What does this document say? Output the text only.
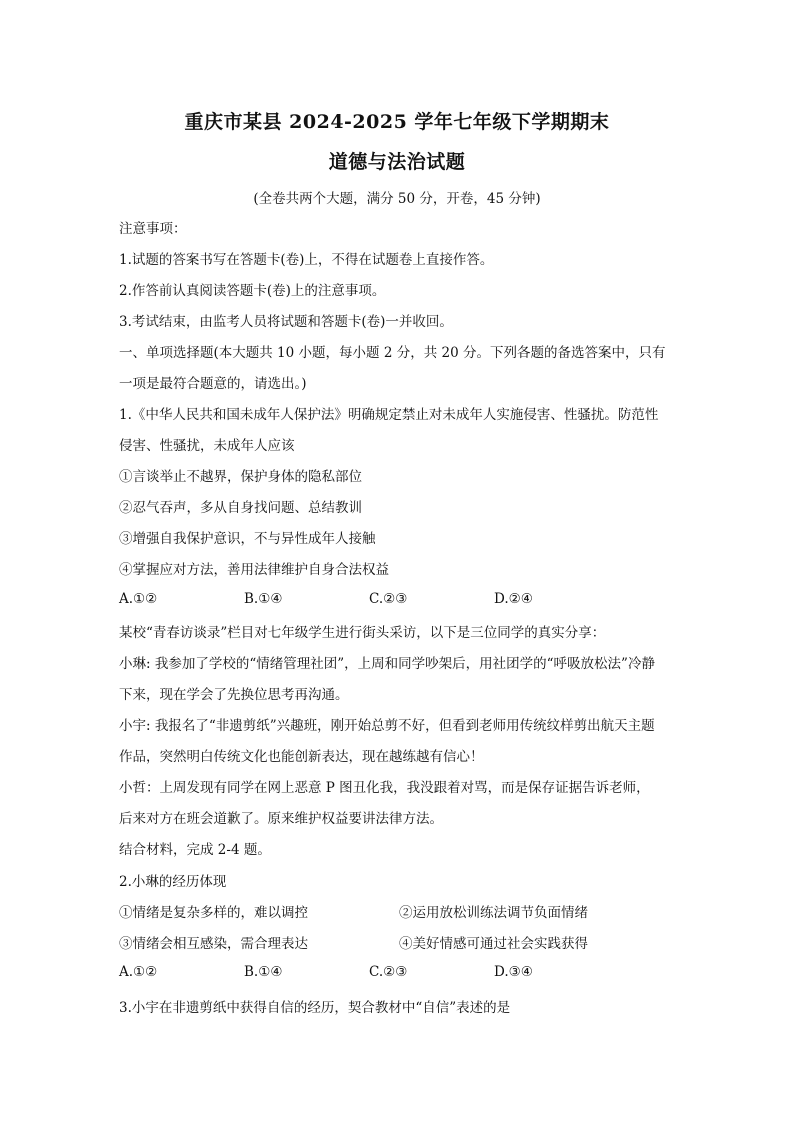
重庆市某县 2024-2025 学年七年级下学期期末
道德与法治试题
(全卷共两个大题，满分 50 分，开卷，45 分钟)
注意事项：
1.试题的答案书写在答题卡(卷)上，不得在试题卷上直接作答。
2.作答前认真阅读答题卡(卷)上的注意事项。
3.考试结束，由监考人员将试题和答题卡(卷)一并收回。
一、单项选择题(本大题共 10 小题，每小题 2 分，共 20 分。下列各题的备选答案中，只有
一项是最符合题意的，请选出。)
1.《中华人民共和国未成年人保护法》明确规定禁止对未成年人实施侵害、性骚扰。防范性
侵害、性骚扰，未成年人应该
①言谈举止不越界，保护身体的隐私部位
②忍气吞声，多从自身找问题、总结教训
③增强自我保护意识，不与异性成年人接触
④掌握应对方法，善用法律维护自身合法权益
A.①②	B.①④	C.②③	D.②④
某校“青春访谈录”栏目对七年级学生进行街头采访，以下是三位同学的真实分享：
小琳: 我参加了学校的“情绪管理社团”，上周和同学吵架后，用社团学的“呼吸放松法”冷静
下来，现在学会了先换位思考再沟通。
小宇: 我报名了“非遗剪纸”兴趣班，刚开始总剪不好，但看到老师用传统纹样剪出航天主题
作品，突然明白传统文化也能创新表达，现在越练越有信心！
小哲：上周发现有同学在网上恶意 P 图丑化我，我没跟着对骂，而是保存证据告诉老师，
后来对方在班会道歉了。原来维护权益要讲法律方法。
结合材料，完成 2-4 题。
2.小琳的经历体现
①情绪是复杂多样的，难以调控	②运用放松训练法调节负面情绪
③情绪会相互感染，需合理表达	④美好情感可通过社会实践获得
A.①②	B.①④	C.②③	D.③④
3.小宇在非遗剪纸中获得自信的经历，契合教材中“自信”表述的是
